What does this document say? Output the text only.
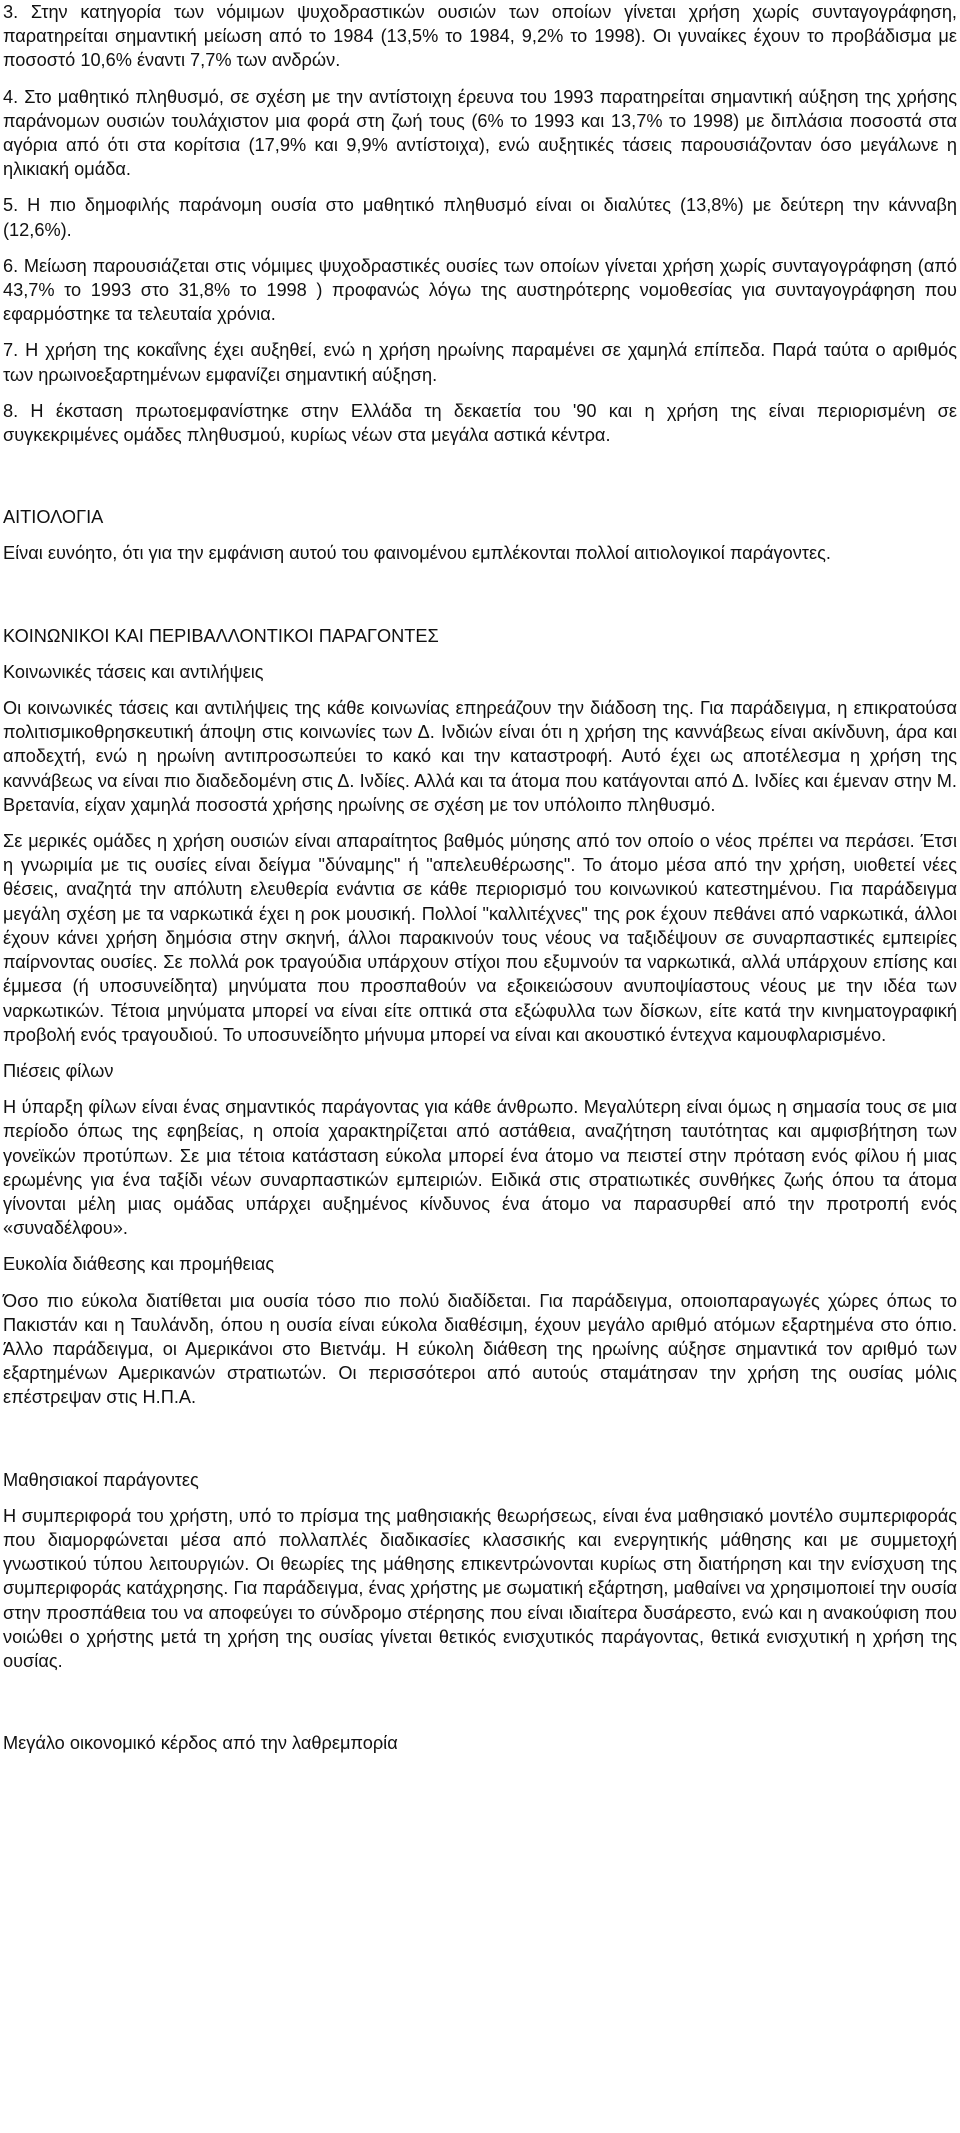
3. Στην κατηγορία των νόμιμων ψυχοδραστικών ουσιών των οποίων γίνεται χρήση χωρίς συνταγογράφηση, παρατηρείται σημαντική μείωση από το 1984 (13,5% το 1984, 9,2% το 1998). Οι γυναίκες έχουν το προβάδισμα με ποσοστό 10,6% έναντι 7,7% των ανδρών.

4. Στο μαθητικό πληθυσμό, σε σχέση με την αντίστοιχη έρευνα του 1993 παρατηρείται σημαντική αύξηση της χρήσης παράνομων ουσιών τουλάχιστον μια φορά στη ζωή τους (6% το 1993 και 13,7% το 1998) με διπλάσια ποσοστά στα αγόρια από ότι στα κορίτσια (17,9% και 9,9% αντίστοιχα), ενώ αυξητικές τάσεις παρουσιάζονταν όσο μεγάλωνε η ηλικιακή ομάδα.

5. Η πιο δημοφιλής παράνομη ουσία στο μαθητικό πληθυσμό είναι οι διαλύτες (13,8%) με δεύτερη την κάνναβη (12,6%).

6. Μείωση παρουσιάζεται στις νόμιμες ψυχοδραστικές ουσίες των οποίων γίνεται χρήση χωρίς συνταγογράφηση (από 43,7% το 1993 στο 31,8% το 1998 ) προφανώς λόγω της αυστηρότερης νομοθεσίας για συνταγογράφηση που εφαρμόστηκε τα τελευταία χρόνια.

7. Η χρήση της κοκαΐνης έχει αυξηθεί, ενώ η χρήση ηρωίνης παραμένει σε χαμηλά επίπεδα. Παρά ταύτα ο αριθμός των ηρωινοεξαρτημένων εμφανίζει σημαντική αύξηση.

8. Η έκσταση πρωτοεμφανίστηκε στην Ελλάδα τη δεκαετία του '90 και η χρήση της είναι περιορισμένη σε συγκεκριμένες ομάδες πληθυσμού, κυρίως νέων στα μεγάλα αστικά κέντρα.

ΑΙΤΙΟΛΟΓΙΑ

Είναι ευνόητο, ότι για την εμφάνιση αυτού του φαινομένου εμπλέκονται πολλοί αιτιολογικοί παράγοντες.

ΚΟΙΝΩΝΙΚΟΙ ΚΑΙ ΠΕΡΙΒΑΛΛΟΝΤΙΚΟΙ ΠΑΡΑΓΟΝΤΕΣ

Κοινωνικές τάσεις και αντιλήψεις

Οι κοινωνικές τάσεις και αντιλήψεις της κάθε κοινωνίας επηρεάζουν την διάδοση της. Για παράδειγμα, η επικρατούσα πολιτισμικοθρησκευτική άποψη στις κοινωνίες των Δ. Ινδιών είναι ότι η χρήση της καννάβεως είναι ακίνδυνη, άρα και αποδεχτή, ενώ η ηρωίνη αντιπροσωπεύει το κακό και την καταστροφή. Αυτό έχει ως αποτέλεσμα η χρήση της καννάβεως να είναι πιο διαδεδομένη στις Δ. Ινδίες. Αλλά και τα άτομα που κατάγονται από Δ. Ινδίες και έμεναν στην Μ. Βρετανία, είχαν χαμηλά ποσοστά χρήσης ηρωίνης σε σχέση με τον υπόλοιπο πληθυσμό.

Σε μερικές ομάδες η χρήση ουσιών είναι απαραίτητος βαθμός μύησης από τον οποίο ο νέος πρέπει να περάσει. Έτσι η γνωριμία με τις ουσίες είναι δείγμα "δύναμης" ή "απελευθέρωσης". Το άτομο μέσα από την χρήση, υιοθετεί νέες θέσεις, αναζητά την απόλυτη ελευθερία ενάντια σε κάθε περιορισμό του κοινωνικού κατεστημένου. Για παράδειγμα μεγάλη σχέση με τα ναρκωτικά έχει η ροκ μουσική. Πολλοί "καλλιτέχνες" της ροκ έχουν πεθάνει από ναρκωτικά, άλλοι έχουν κάνει χρήση δημόσια στην σκηνή, άλλοι παρακινούν τους νέους να ταξιδέψουν σε συναρπαστικές εμπειρίες παίρνοντας ουσίες. Σε πολλά ροκ τραγούδια υπάρχουν στίχοι που εξυμνούν τα ναρκωτικά, αλλά υπάρχουν επίσης και έμμεσα (ή υποσυνείδητα) μηνύματα που προσπαθούν να εξοικειώσουν ανυποψίαστους νέους με την ιδέα των ναρκωτικών. Τέτοια μηνύματα μπορεί να είναι είτε οπτικά στα εξώφυλλα των δίσκων, είτε κατά την κινηματογραφική προβολή ενός τραγουδιού. Το υποσυνείδητο μήνυμα μπορεί να είναι και ακουστικό έντεχνα καμουφλαρισμένο.

Πιέσεις φίλων

Η ύπαρξη φίλων είναι ένας σημαντικός παράγοντας για κάθε άνθρωπο. Μεγαλύτερη είναι όμως η σημασία τους σε μια περίοδο όπως της εφηβείας, η οποία χαρακτηρίζεται από αστάθεια, αναζήτηση ταυτότητας και αμφισβήτηση των γονεϊκών προτύπων. Σε μια τέτοια κατάσταση εύκολα μπορεί ένα άτομο να πειστεί στην πρόταση ενός φίλου ή μιας ερωμένης για ένα ταξίδι νέων συναρπαστικών εμπειριών. Ειδικά στις στρατιωτικές συνθήκες ζωής όπου τα άτομα γίνονται μέλη μιας ομάδας υπάρχει αυξημένος κίνδυνος ένα άτομο να παρασυρθεί από την προτροπή ενός «συναδέλφου».

Ευκολία διάθεσης και προμήθειας

Όσο πιο εύκολα διατίθεται μια ουσία τόσο πιο πολύ διαδίδεται. Για παράδειγμα, οποιοπαραγωγές χώρες όπως το Πακιστάν και η Ταυλάνδη, όπου η ουσία είναι εύκολα διαθέσιμη, έχουν μεγάλο αριθμό ατόμων εξαρτημένα στο όπιο. Άλλο παράδειγμα, οι Αμερικάνοι στο Βιετνάμ. Η εύκολη διάθεση της ηρωίνης αύξησε σημαντικά τον αριθμό των εξαρτημένων Αμερικανών στρατιωτών. Οι περισσότεροι από αυτούς σταμάτησαν την χρήση της ουσίας μόλις επέστρεψαν στις Η.Π.Α.

Μαθησιακοί παράγοντες

Η συμπεριφορά του χρήστη, υπό το πρίσμα της μαθησιακής θεωρήσεως, είναι ένα μαθησιακό μοντέλο συμπεριφοράς που διαμορφώνεται μέσα από πολλαπλές διαδικασίες κλασσικής και ενεργητικής μάθησης και με συμμετοχή γνωστικού τύπου λειτουργιών. Οι θεωρίες της μάθησης επικεντρώνονται κυρίως στη διατήρηση και την ενίσχυση της συμπεριφοράς κατάχρησης. Για παράδειγμα, ένας χρήστης με σωματική εξάρτηση, μαθαίνει να χρησιμοποιεί την ουσία στην προσπάθεια του να αποφεύγει το σύνδρομο στέρησης που είναι ιδιαίτερα δυσάρεστο, ενώ και η ανακούφιση που νοιώθει ο χρήστης μετά τη χρήση της ουσίας γίνεται θετικός ενισχυτικός παράγοντας, θετικά ενισχυτική η χρήση της ουσίας.

Μεγάλο οικονομικό κέρδος από την λαθρεμπορία
